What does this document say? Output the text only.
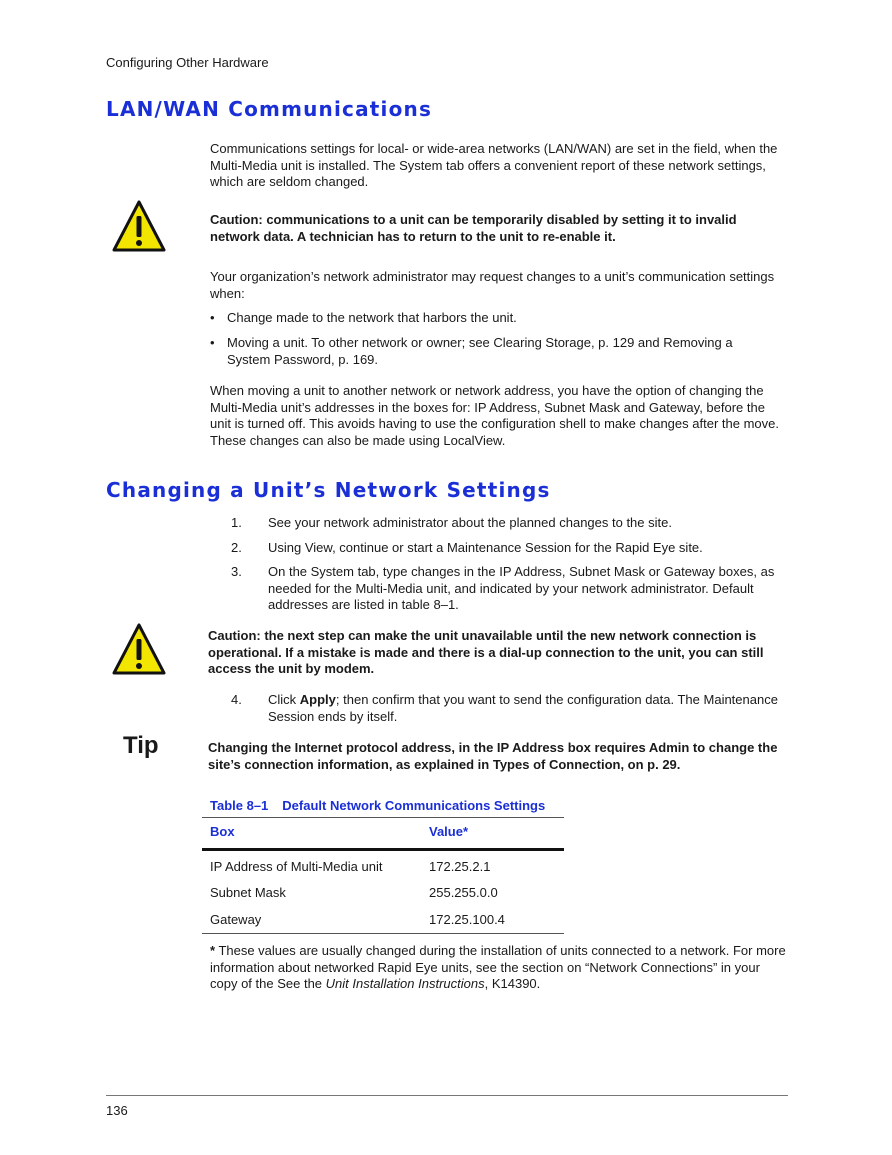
Configuring Other Hardware
LAN/WAN Communications

Communications settings for local- or wide-area networks (LAN/WAN) are set in the field, when the Multi-Media unit is installed. The System tab offers a convenient report of these network settings, which are seldom changed.

Caution: communications to a unit can be temporarily disabled by setting it to invalid network data. A technician has to return to the unit to re-enable it.

Your organization’s network administrator may request changes to a unit’s communication settings when:

• Change made to the network that harbors the unit.
• Moving a unit. To other network or owner; see Clearing Storage, p. 129 and Removing a System Password, p. 169.

When moving a unit to another network or network address, you have the option of changing the Multi-Media unit’s addresses in the boxes for: IP Address, Subnet Mask and Gateway, before the unit is turned off. This avoids having to use the configuration shell to make changes after the move. These changes can also be made using LocalView.

Changing a Unit’s Network Settings
1. See your network administrator about the planned changes to the site.
2. Using View, continue or start a Maintenance Session for the Rapid Eye site.
3. On the System tab, type changes in the IP Address, Subnet Mask or Gateway boxes, as needed for the Multi-Media unit, and indicated by your network administrator. Default addresses are listed in table 8–1.

Caution: the next step can make the unit unavailable until the new network connection is operational. If a mistake is made and there is a dial-up connection to the unit, you can still access the unit by modem.

4. Click Apply; then confirm that you want to send the configuration data. The Maintenance Session ends by itself.
Tip	Changing the Internet protocol address, in the IP Address box requires Admin to change the site’s connection information, as explained in Types of Connection, on p. 29.

Table 8–1 Default Network Communications Settings
Box	Value*
IP Address of Multi-Media unit	172.25.2.1
Subnet Mask	255.255.0.0
Gateway	172.25.100.4

* These values are usually changed during the installation of units connected to a network. For more information about networked Rapid Eye units, see the section on “Network Connections” in your copy of the See the Unit Installation Instructions, K14390.

136
